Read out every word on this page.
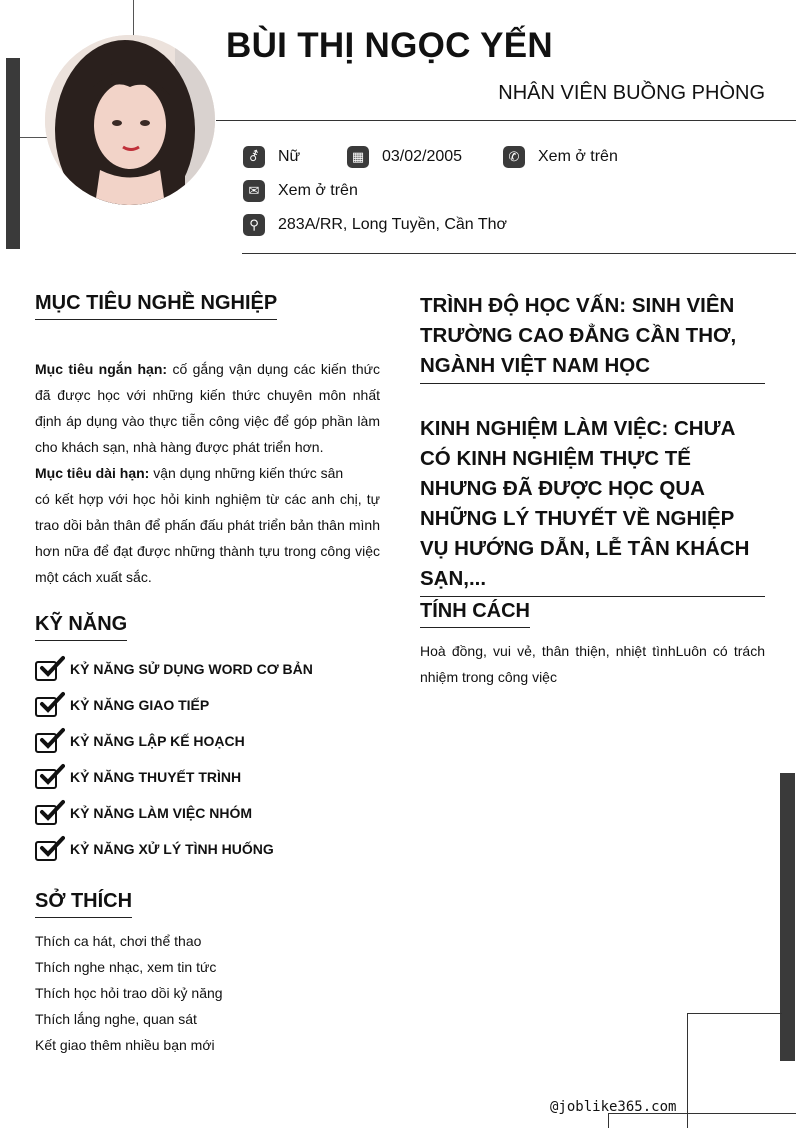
BÙI THỊ NGỌC YẾN
NHÂN VIÊN BUỒNG PHÒNG
⚦	Nữ	▦	03/02/2005	✆	Xem ở trên
✉	Xem ở trên
⚲	283A/RR, Long Tuyền, Cần Thơ
MỤC TIÊU NGHỀ NGHIỆP
Mục tiêu ngắn hạn: cố gắng vận dụng các kiến thức đã được học với những kiến thức chuyên môn nhất định áp dụng vào thực tiễn công việc để góp phần làm cho khách sạn, nhà hàng được phát triển hơn.
Mục tiêu dài hạn: vận dụng những kiến thức sân
có kết hợp với học hỏi kinh nghiệm từ các anh chị, tự trao dồi bản thân để phấn đấu phát triển bản thân mình hơn nữa để đạt được những thành tựu trong công việc một cách xuất sắc.
KỸ NĂNG
KỶ NĂNG SỬ DỤNG WORD CƠ BẢN
KỶ NĂNG GIAO TIẾP
KỶ NĂNG LẬP KẾ HOẠCH
KỶ NĂNG THUYẾT TRÌNH
KỶ NĂNG LÀM VIỆC NHÓM
KỶ NĂNG XỬ LÝ TÌNH HUỐNG
SỞ THÍCH
Thích ca hát, chơi thể thao
Thích nghe nhạc, xem tin tức
Thích học hỏi trao dồi kỷ năng
Thích lắng nghe, quan sát
Kết giao thêm nhiều bạn mới
TRÌNH ĐỘ HỌC VẤN: SINH VIÊN TRƯỜNG CAO ĐẲNG CẦN THƠ, NGÀNH VIỆT NAM HỌC
KINH NGHIỆM LÀM VIỆC: CHƯA CÓ KINH NGHIỆM THỰC TẾ NHƯNG ĐÃ ĐƯỢC HỌC QUA NHỮNG LÝ THUYẾT VỀ NGHIỆP VỤ HƯỚNG DẪN, LỄ TÂN KHÁCH SẠN,...
TÍNH CÁCH
Hoà đồng, vui vẻ, thân thiện, nhiệt tìnhLuôn có trách nhiệm trong công việc
@joblike365.com
